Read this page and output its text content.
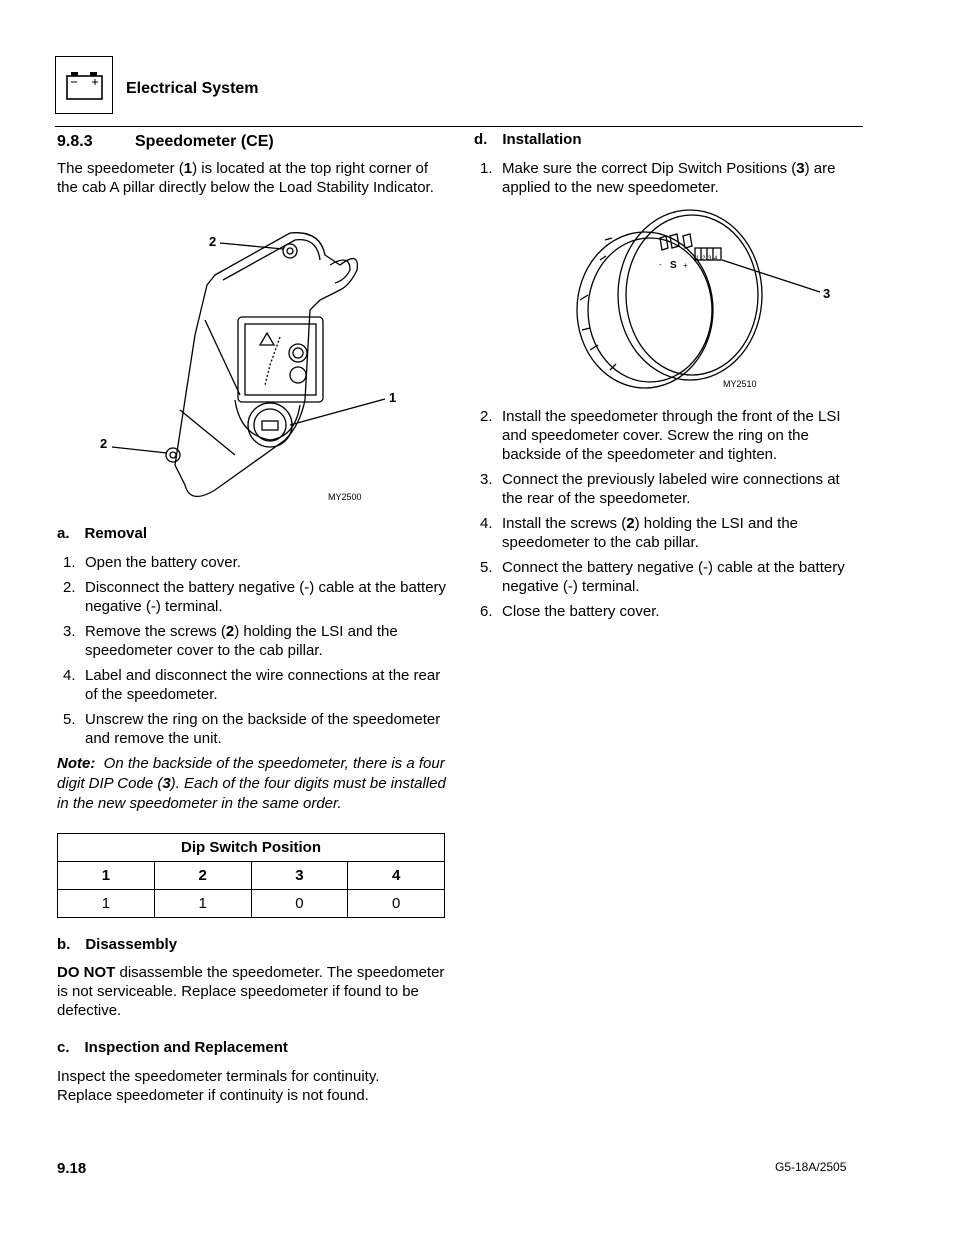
Electrical System
9.8.3	Speedometer (CE)
The speedometer (1) is located at the top right corner of the cab A pillar directly below the Load Stability Indicator.
2
2
1
MY2500
a. Removal
1. Open the battery cover.
2. Disconnect the battery negative (-) cable at the battery negative (-) terminal.
3. Remove the screws (2) holding the LSI and the speedometer cover to the cab pillar.
4. Label and disconnect the wire connections at the rear of the speedometer.
5. Unscrew the ring on the backside of the speedometer and remove the unit.
Note: On the backside of the speedometer, there is a four digit DIP Code (3). Each of the four digits must be installed in the new speedometer in the same order.
Dip Switch Position			
1	2	3	4
1	1	0	0
b. Disassembly
DO NOT disassemble the speedometer. The speedometer is not serviceable. Replace speedometer if found to be defective.
c. Inspection and Replacement
Inspect the speedometer terminals for continuity. Replace speedometer if continuity is not found.
d. Installation
1. Make sure the correct Dip Switch Positions (3) are applied to the new speedometer.
- S +
1 2 3 4
3
MY2510
2. Install the speedometer through the front of the LSI and speedometer cover. Screw the ring on the backside of the speedometer and tighten.
3. Connect the previously labeled wire connections at the rear of the speedometer.
4. Install the screws (2) holding the LSI and the speedometer to the cab pillar.
5. Connect the battery negative (-) cable at the battery negative (-) terminal.
6. Close the battery cover.
9.18	G5-18A/2505
